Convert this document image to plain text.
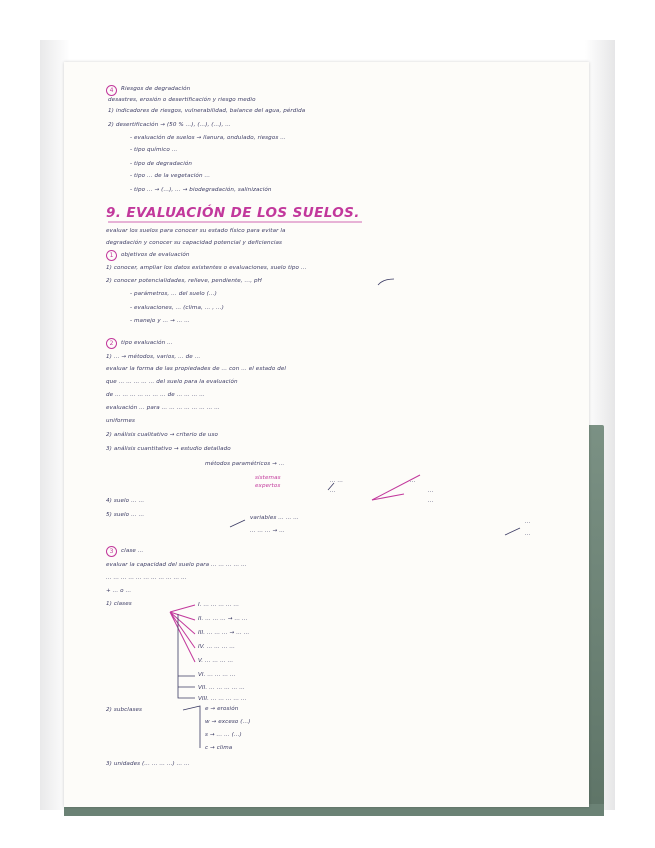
4	Riesgos de degradación
desastres, erosión o desertificación y riesgo medio
1) indicadores de riesgos, vulnerabilidad, balance del agua, pérdida
2) desertificación → (50 % ...), (...), (...), ...
- evaluación de suelos → llanura, ondulado, riesgos ...
- tipo químico ...
- tipo de degradación
- tipo ... de la vegetación ...
- tipo ... → (...), ... → biodegradación, salinización
9. EVALUACIÓN DE LOS SUELOS.
evaluar los suelos para conocer su estado físico para evitar la
degradación y conocer su capacidad potencial y deficiencias
1	objetivos de evaluación
1) conocer, ampliar los datos existentes o evaluaciones, suelo tipo ...
2) conocer potencialidades, relieve, pendiente, ..., pH
- parámetros, ... del suelo (...)
- evaluaciones, ... (clima, ... , ...)
- manejo y ... → ... ...
2	tipo evaluación ...
1) ... → métodos, varios, ... de ...
evaluar la forma de las propiedades de ... con ... el estado del
que ... ... ... ... ... del suelo para la evaluación
de ... ... ... ... ... ... ... de ... ... ... ...
evaluación ... para ... ... ... ... ... ... ... ...
uniformes
2) análisis cualitativo → criterio de uso
3) análisis cuantitativo → estudio detallado
métodos paramétricos → ...
sistemas
expertos
... ...	...
...	...
...
4) suelo ... ...
5) suelo ... ...	variables ... ... ...
... ... ... → ...
...
...
3	clase ...
evaluar la capacidad del suelo para ... ... ... ... ...
... ... ... ... ... ... ... ... ... ... ...
+ ... o ...
1) clases	I. ... ... ... ... ...
II. ... ... ... → ... ...
III. ... ... ... → ... ...
IV. ... ... ... ...
V. ... ... ... ...
VI. ... ... ... ...
VII. ... ... ... ... ...
VIII. ... ... ... ... ...
2) subclases	e → erosión
w → exceso (...)
s → ... ... (...)
c → clima
3) unidades (... ... ... ...) ... ...
